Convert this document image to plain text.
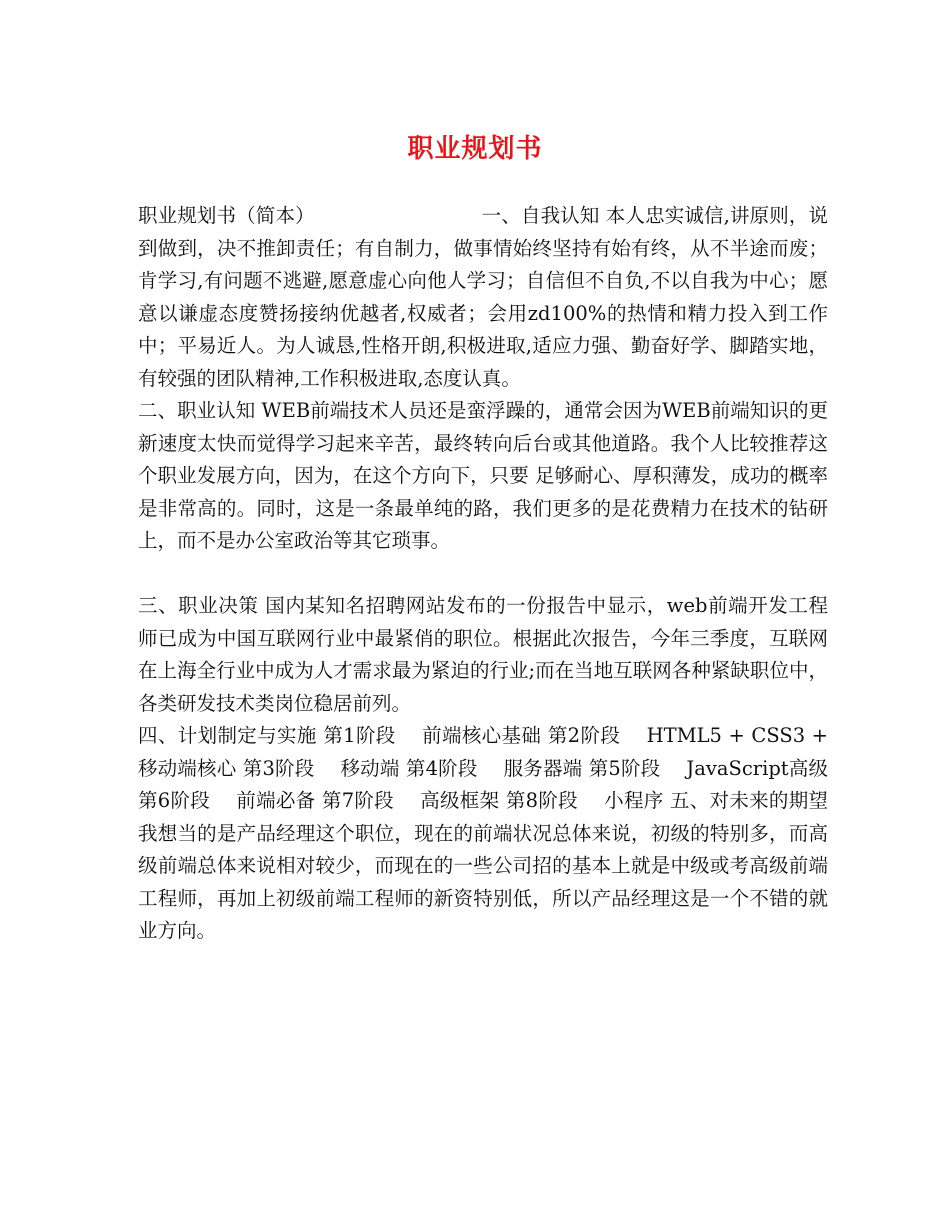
职业规划书

职业规划书（简本）　　　　　　　　　一、自我认知 本人忠实诚信,讲原则，说到做到，决不推卸责任；有自制力，做事情始终坚持有始有终，从不半途而废；肯学习,有问题不逃避,愿意虚心向他人学习；自信但不自负,不以自我为中心；愿意以谦虚态度赞扬接纳优越者,权威者；会用zd100%的热情和精力投入到工作中；平易近人。为人诚恳,性格开朗,积极进取,适应力强、勤奋好学、脚踏实地，有较强的团队精神,工作积极进取,态度认真。

二、职业认知 WEB前端技术人员还是蛮浮躁的，通常会因为WEB前端知识的更新速度太快而觉得学习起来辛苦，最终转向后台或其他道路。我个人比较推荐这个职业发展方向，因为，在这个方向下，只要 足够耐心、厚积薄发，成功的概率是非常高的。同时，这是一条最单纯的路，我们更多的是花费精力在技术的钻研上，而不是办公室政治等其它琐事。

三、职业决策 国内某知名招聘网站发布的一份报告中显示，web前端开发工程师已成为中国互联网行业中最紧俏的职位。根据此次报告，今年三季度，互联网在上海全行业中成为人才需求最为紧迫的行业;而在当地互联网各种紧缺职位中，各类研发技术类岗位稳居前列。

四、计划制定与实施 第1阶段　 前端核心基础 第2阶段　 HTML5 + CSS3 + 移动端核心 第3阶段　 移动端 第4阶段　 服务器端 第5阶段　 JavaScript高级 第6阶段　 前端必备 第7阶段　 高级框架 第8阶段　 小程序 五、对未来的期望 我想当的是产品经理这个职位，现在的前端状况总体来说，初级的特别多，而高级前端总体来说相对较少，而现在的一些公司招的基本上就是中级或考高级前端工程师，再加上初级前端工程师的新资特别低，所以产品经理这是一个不错的就业方向。
